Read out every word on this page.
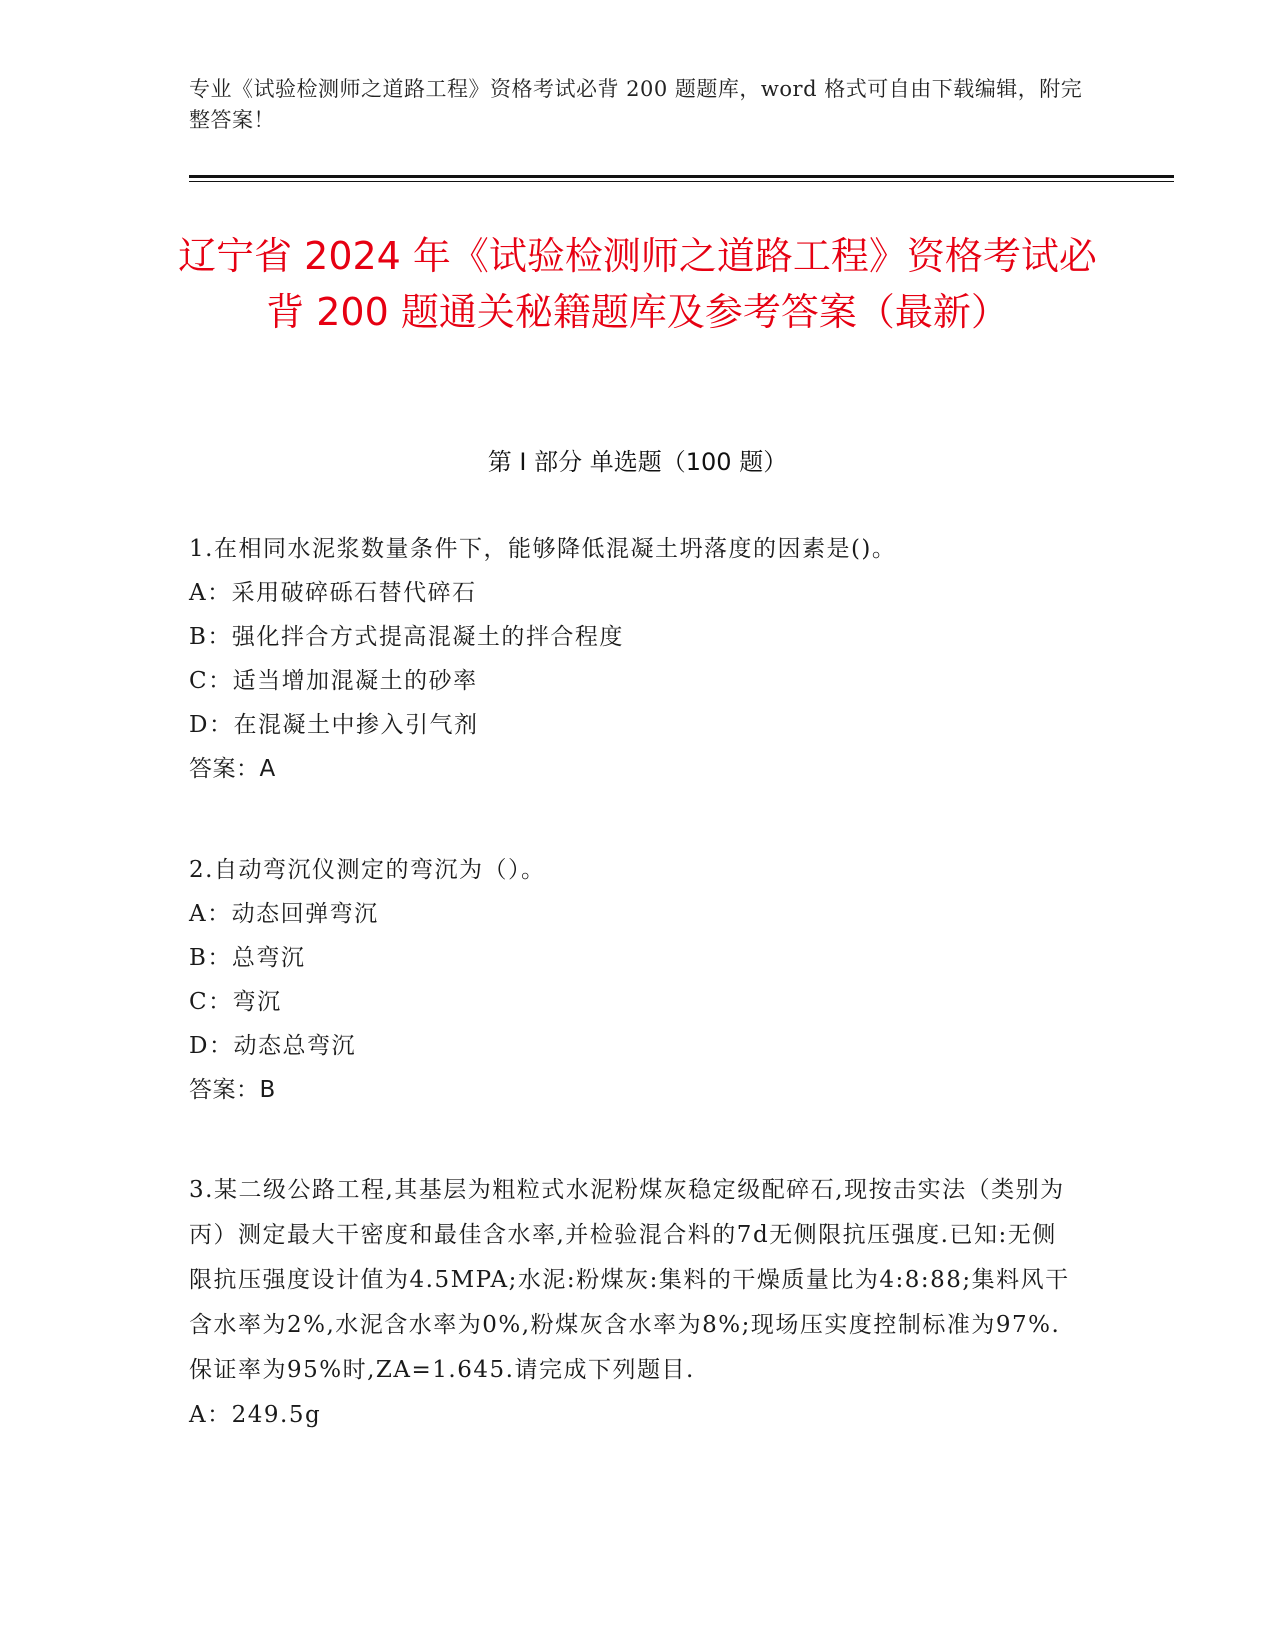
专业《试验检测师之道路工程》资格考试必背 200 题题库，word 格式可自由下载编辑，附完整答案！
辽宁省 2024 年《试验检测师之道路工程》资格考试必背 200 题通关秘籍题库及参考答案（最新）
第 I 部分 单选题（100 题）
1.在相同水泥浆数量条件下，能够降低混凝土坍落度的因素是()。
A：采用破碎砾石替代碎石
B：强化拌合方式提高混凝土的拌合程度
C：适当增加混凝土的砂率
D：在混凝土中掺入引气剂
答案：A
2.自动弯沉仪测定的弯沉为（）。
A：动态回弹弯沉
B：总弯沉
C：弯沉
D：动态总弯沉
答案：B
3.某二级公路工程,其基层为粗粒式水泥粉煤灰稳定级配碎石,现按击实法（类别为丙）测定最大干密度和最佳含水率,并检验混合料的7d无侧限抗压强度.已知:无侧限抗压强度设计值为4.5MPA;水泥:粉煤灰:集料的干燥质量比为4:8:88;集料风干含水率为2%,水泥含水率为0%,粉煤灰含水率为8%;现场压实度控制标准为97%.保证率为95%时,ZA=1.645.请完成下列题目.
A：249.5g
